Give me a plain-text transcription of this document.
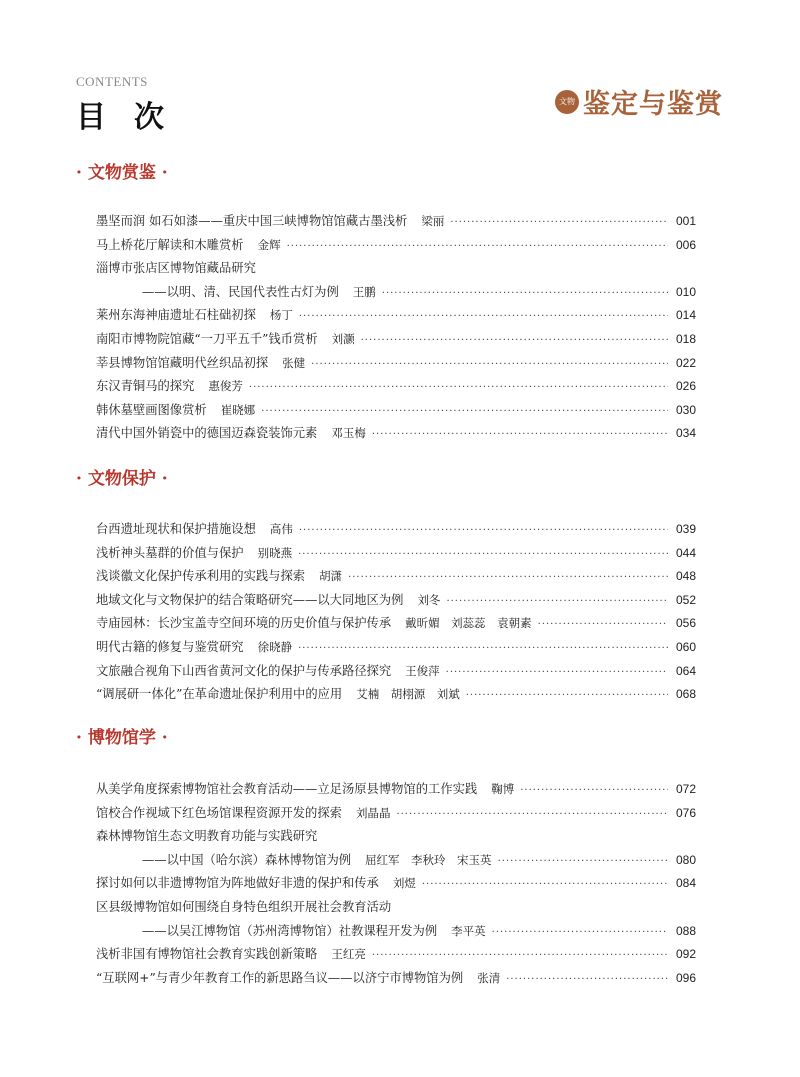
CONTENTS
目次	文物 鉴定与鉴赏
· 文物赏鉴 ·
墨坚而润 如石如漆——重庆中国三峡博物馆馆藏古墨浅析 梁丽 ·····	001
马上桥花厅解读和木雕赏析 金辉 ·····	006
淄博市张店区博物馆藏品研究
——以明、清、民国代表性古灯为例 王鹏 ·····	010
莱州东海神庙遗址石柱础初探 杨丁 ·····	014
南阳市博物院馆藏“一刀平五千”钱币赏析 刘灏 ·····	018
莘县博物馆馆藏明代丝织品初探 张健 ·····	022
东汉青铜马的探究 惠俊芳 ·····	026
韩休墓壁画图像赏析 崔晓娜 ·····	030
清代中国外销瓷中的德国迈森瓷装饰元素 邓玉梅 ·····	034
· 文物保护 ·
台西遗址现状和保护措施设想 高伟 ·····	039
浅析神头墓群的价值与保护 别晓燕 ·····	044
浅谈徽文化保护传承利用的实践与探索 胡潇 ·····	048
地域文化与文物保护的结合策略研究——以大同地区为例 刘冬 ·····	052
寺庙园林：长沙宝盖寺空间环境的历史价值与保护传承 戴昕媚　刘蕊蕊　袁朝素 ·····	056
明代古籍的修复与鉴赏研究 徐晓静 ·····	060
文旅融合视角下山西省黄河文化的保护与传承路径探究 王俊萍 ·····	064
“调展研一体化”在革命遗址保护利用中的应用 艾楠　胡栩源　刘斌 ·····	068
· 博物馆学 ·
从美学角度探索博物馆社会教育活动——立足汤原县博物馆的工作实践 鞠博 ·····	072
馆校合作视域下红色场馆课程资源开发的探索 刘晶晶 ·····	076
森林博物馆生态文明教育功能与实践研究
——以中国（哈尔滨）森林博物馆为例 屈红军　李秋玲　宋玉英 ·····	080
探讨如何以非遗博物馆为阵地做好非遗的保护和传承 刘煜 ·····	084
区县级博物馆如何围绕自身特色组织开展社会教育活动
——以吴江博物馆（苏州湾博物馆）社教课程开发为例 李平英 ·····	088
浅析非国有博物馆社会教育实践创新策略 王红亮 ·····	092
“互联网+”与青少年教育工作的新思路刍议——以济宁市博物馆为例 张清 ·····	096
